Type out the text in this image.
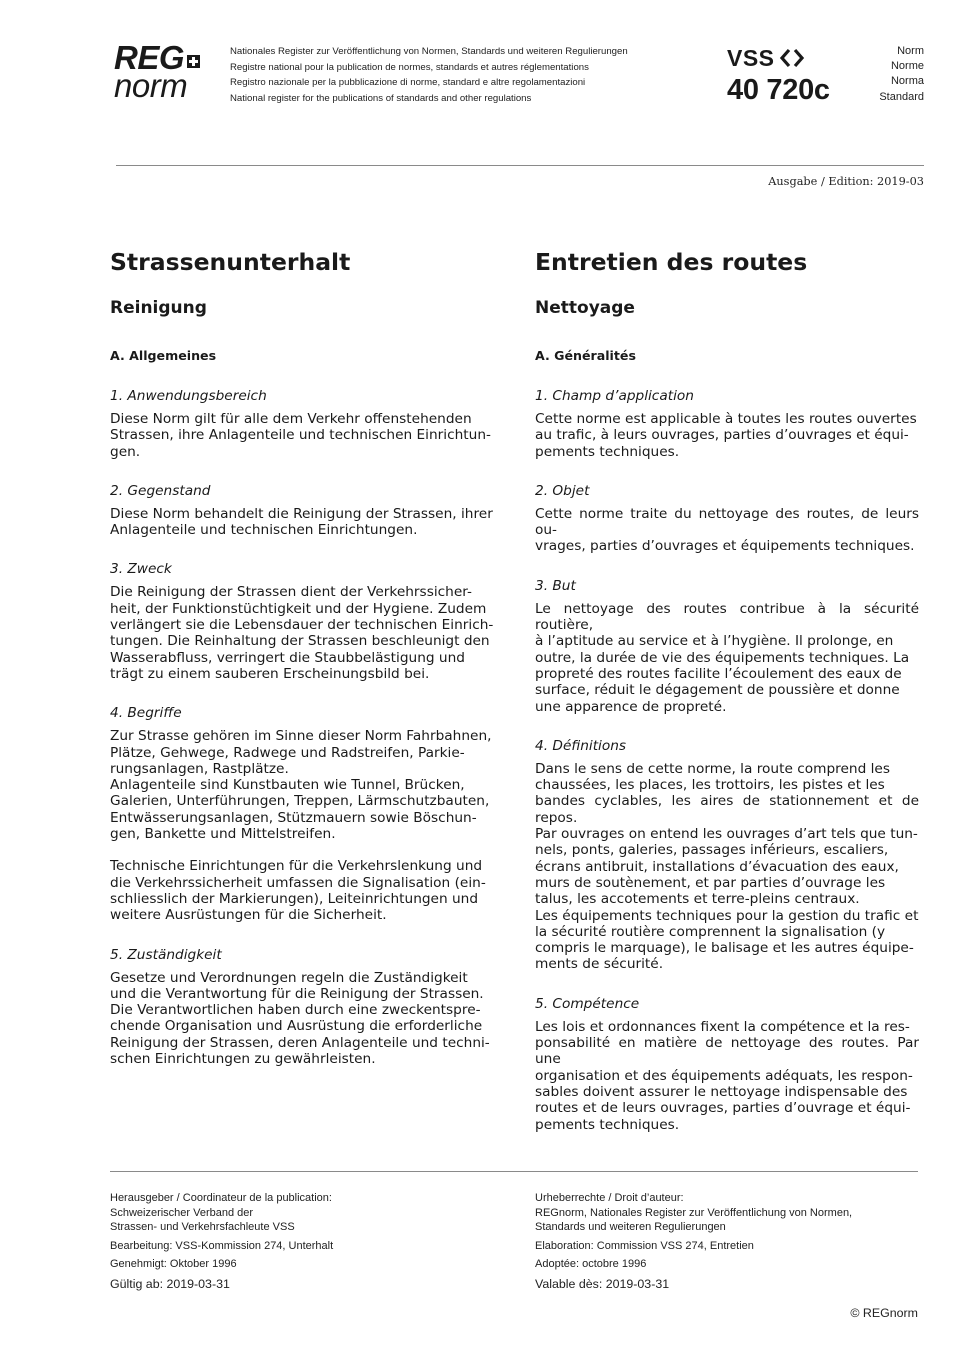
REG
norm
Nationales Register zur Veröffentlichung von Normen, Standards und weiteren Regulierungen
Registre national pour la publication de normes, standards et autres réglementations
Registro nazionale per la pubblicazione di norme, standard e altre regolamentazioni
National register for the publications of standards and other regulations
VSS
40 720c
Norm
Norme
Norma
Standard
Ausgabe / Edition: 2019-03
Strassenunterhalt
Reinigung
A. Allgemeines
1. Anwendungsbereich

Diese Norm gilt für alle dem Verkehr offenstehenden
Strassen, ihre Anlagenteile und technischen Einrichtun-
gen.

2. Gegenstand

Diese Norm behandelt die Reinigung der Strassen, ihrer
Anlagenteile und technischen Einrichtungen.

3. Zweck

Die Reinigung der Strassen dient der Verkehrssicher-
heit, der Funktionstüchtigkeit und der Hygiene. Zudem
verlängert sie die Lebensdauer der technischen Einrich-
tungen. Die Reinhaltung der Strassen beschleunigt den
Wasserabfluss, verringert die Staubbelästigung und
trägt zu einem sauberen Erscheinungsbild bei.

4. Begriffe

Zur Strasse gehören im Sinne dieser Norm Fahrbahnen,
Plätze, Gehwege, Radwege und Radstreifen, Parkie-
rungsanlagen, Rastplätze.
Anlagenteile sind Kunstbauten wie Tunnel, Brücken,
Galerien, Unterführungen, Treppen, Lärmschutzbauten,
Entwässerungsanlagen, Stützmauern sowie Böschun-
gen, Bankette und Mittelstreifen.

Technische Einrichtungen für die Verkehrslenkung und
die Verkehrssicherheit umfassen die Signalisation (ein-
schliesslich der Markierungen), Leiteinrichtungen und
weitere Ausrüstungen für die Sicherheit.

5. Zuständigkeit

Gesetze und Verordnungen regeln die Zuständigkeit
und die Verantwortung für die Reinigung der Strassen.
Die Verantwortlichen haben durch eine zweckentspre-
chende Organisation und Ausrüstung die erforderliche
Reinigung der Strassen, deren Anlagenteile und techni-
schen Einrichtungen zu gewährleisten.

Entretien des routes
Nettoyage
A. Généralités
1. Champ d’application

Cette norme est applicable à toutes les routes ouvertes
au trafic, à leurs ouvrages, parties d’ouvrages et équi-
pements techniques.

2. Objet

Cette norme traite du nettoyage des routes, de leurs ou-
vrages, parties d’ouvrages et équipements techniques.

3. But

Le nettoyage des routes contribue à la sécurité routière,
à l’aptitude au service et à l’hygiène. Il prolonge, en
outre, la durée de vie des équipements techniques. La
propreté des routes facilite l’écoulement des eaux de
surface, réduit le dégagement de poussière et donne
une apparence de propreté.

4. Définitions

Dans le sens de cette norme, la route comprend les
chaussées, les places, les trottoirs, les pistes et les
bandes cyclables, les aires de stationnement et de repos.
Par ouvrages on entend les ouvrages d’art tels que tun-
nels, ponts, galeries, passages inférieurs, escaliers,
écrans antibruit, installations d’évacuation des eaux,
murs de soutènement, et par parties d’ouvrage les
talus, les accotements et terre-pleins centraux.
Les équipements techniques pour la gestion du trafic et
la sécurité routière comprennent la signalisation (y
compris le marquage), le balisage et les autres équipe-
ments de sécurité.

5. Compétence

Les lois et ordonnances fixent la compétence et la res-
ponsabilité en matière de nettoyage des routes. Par une
organisation et des équipements adéquats, les respon-
sables doivent assurer le nettoyage indispensable des
routes et de leurs ouvrages, parties d’ouvrage et équi-
pements techniques.

Herausgeber / Coordinateur de la publication:
Schweizerischer Verband der
Strassen- und Verkehrsfachleute VSS
Bearbeitung: VSS-Kommission 274, Unterhalt
Genehmigt: Oktober 1996
Gültig ab: 2019-03-31
Urheberrechte / Droit d’auteur:
REGnorm, Nationales Register zur Veröffentlichung von Normen,
Standards und weiteren Regulierungen
Elaboration: Commission VSS 274, Entretien
Adoptée: octobre 1996
Valable dès: 2019-03-31
© REGnorm
